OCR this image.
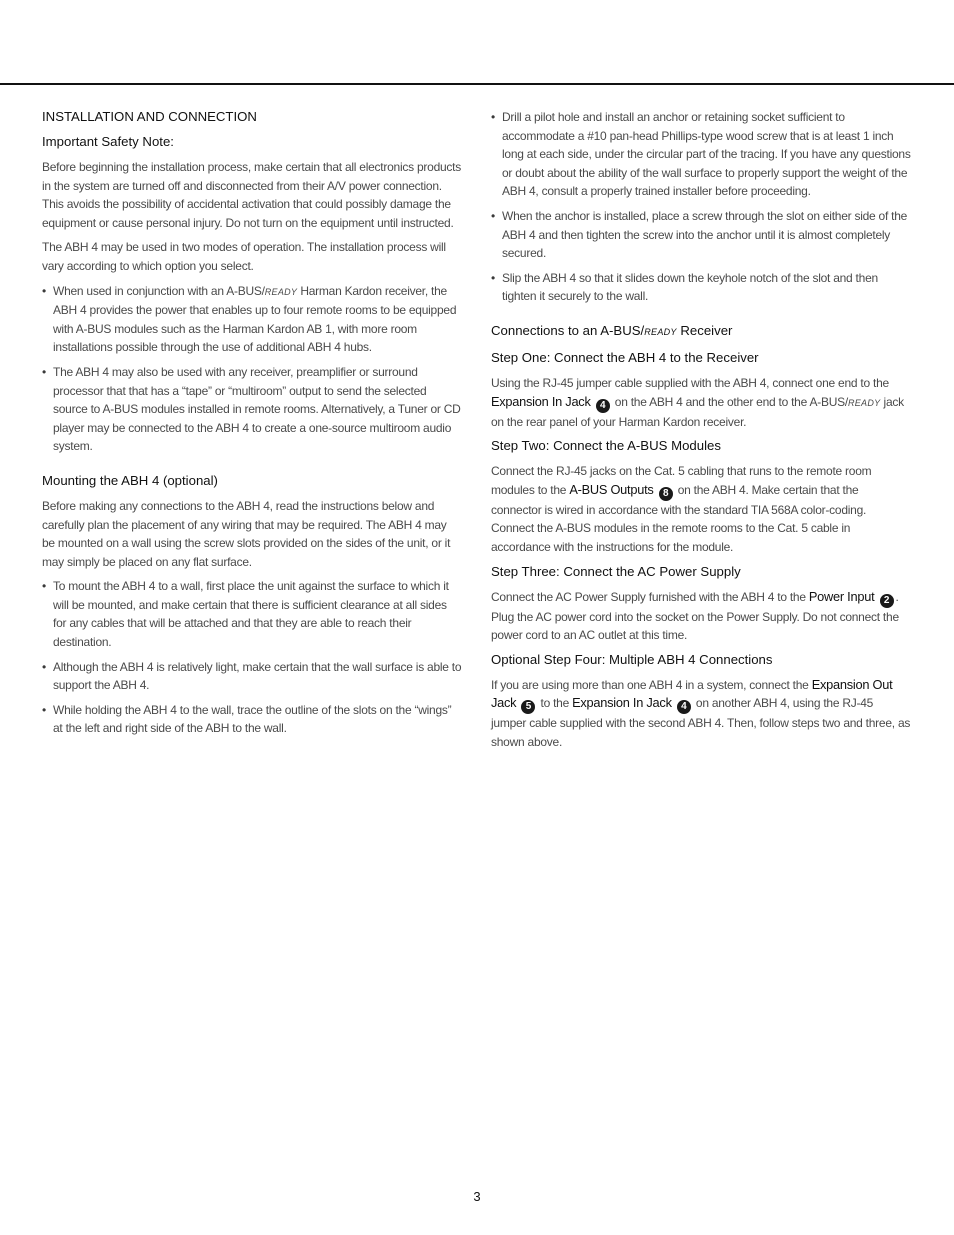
INSTALLATION AND CONNECTION
Important Safety Note:
Before beginning the installation process, make certain that all electronics products in the system are turned off and disconnected from their A/V power connection. This avoids the possibility of accidental activation that could possibly damage the equipment or cause personal injury. Do not turn on the equipment until instructed.
The ABH 4 may be used in two modes of operation. The installation process will vary according to which option you select.
• When used in conjunction with an A-BUS/READY Harman Kardon receiver, the ABH 4 provides the power that enables up to four remote rooms to be equipped with A-BUS modules such as the Harman Kardon AB 1, with more room installations possible through the use of additional ABH 4 hubs.
• The ABH 4 may also be used with any receiver, preamplifier or surround processor that that has a “tape” or “multiroom” output to send the selected source to A-BUS modules installed in remote rooms. Alternatively, a Tuner or CD player may be connected to the ABH 4 to create a one-source multiroom audio system.
Mounting the ABH 4 (optional)
Before making any connections to the ABH 4, read the instructions below and carefully plan the placement of any wiring that may be required. The ABH 4 may be mounted on a wall using the screw slots provided on the sides of the unit, or it may simply be placed on any flat surface.
• To mount the ABH 4 to a wall, first place the unit against the surface to which it will be mounted, and make certain that there is sufficient clearance at all sides for any cables that will be attached and that they are able to reach their destination.
• Although the ABH 4 is relatively light, make certain that the wall surface is able to support the ABH 4.
• While holding the ABH 4 to the wall, trace the outline of the slots on the “wings” at the left and right side of the ABH to the wall.
• Drill a pilot hole and install an anchor or retaining socket sufficient to accommodate a #10 pan-head Phillips-type wood screw that is at least 1 inch long at each side, under the circular part of the tracing. If you have any questions or doubt about the ability of the wall surface to properly support the weight of the ABH 4, consult a properly trained installer before proceeding.
• When the anchor is installed, place a screw through the slot on either side of the ABH 4 and then tighten the screw into the anchor until it is almost completely secured.
• Slip the ABH 4 so that it slides down the keyhole notch of the slot and then tighten it securely to the wall.
Connections to an A-BUS/READY Receiver
Step One: Connect the ABH 4 to the Receiver
Using the RJ-45 jumper cable supplied with the ABH 4, connect one end to the Expansion In Jack 4 on the ABH 4 and the other end to the A-BUS/READY jack on the rear panel of your Harman Kardon receiver.
Step Two: Connect the A-BUS Modules
Connect the RJ-45 jacks on the Cat. 5 cabling that runs to the remote room modules to the A-BUS Outputs 8 on the ABH 4. Make certain that the connector is wired in accordance with the standard TIA 568A color-coding. Connect the A-BUS modules in the remote rooms to the Cat. 5 cable in accordance with the instructions for the module.
Step Three: Connect the AC Power Supply
Connect the AC Power Supply furnished with the ABH 4 to the Power Input 2 . Plug the AC power cord into the socket on the Power Supply. Do not connect the power cord to an AC outlet at this time.
Optional Step Four: Multiple ABH 4 Connections
If you are using more than one ABH 4 in a system, connect the Expansion Out Jack 5 to the Expansion In Jack 4 on another ABH 4, using the RJ-45 jumper cable supplied with the second ABH 4. Then, follow steps two and three, as shown above.
3
